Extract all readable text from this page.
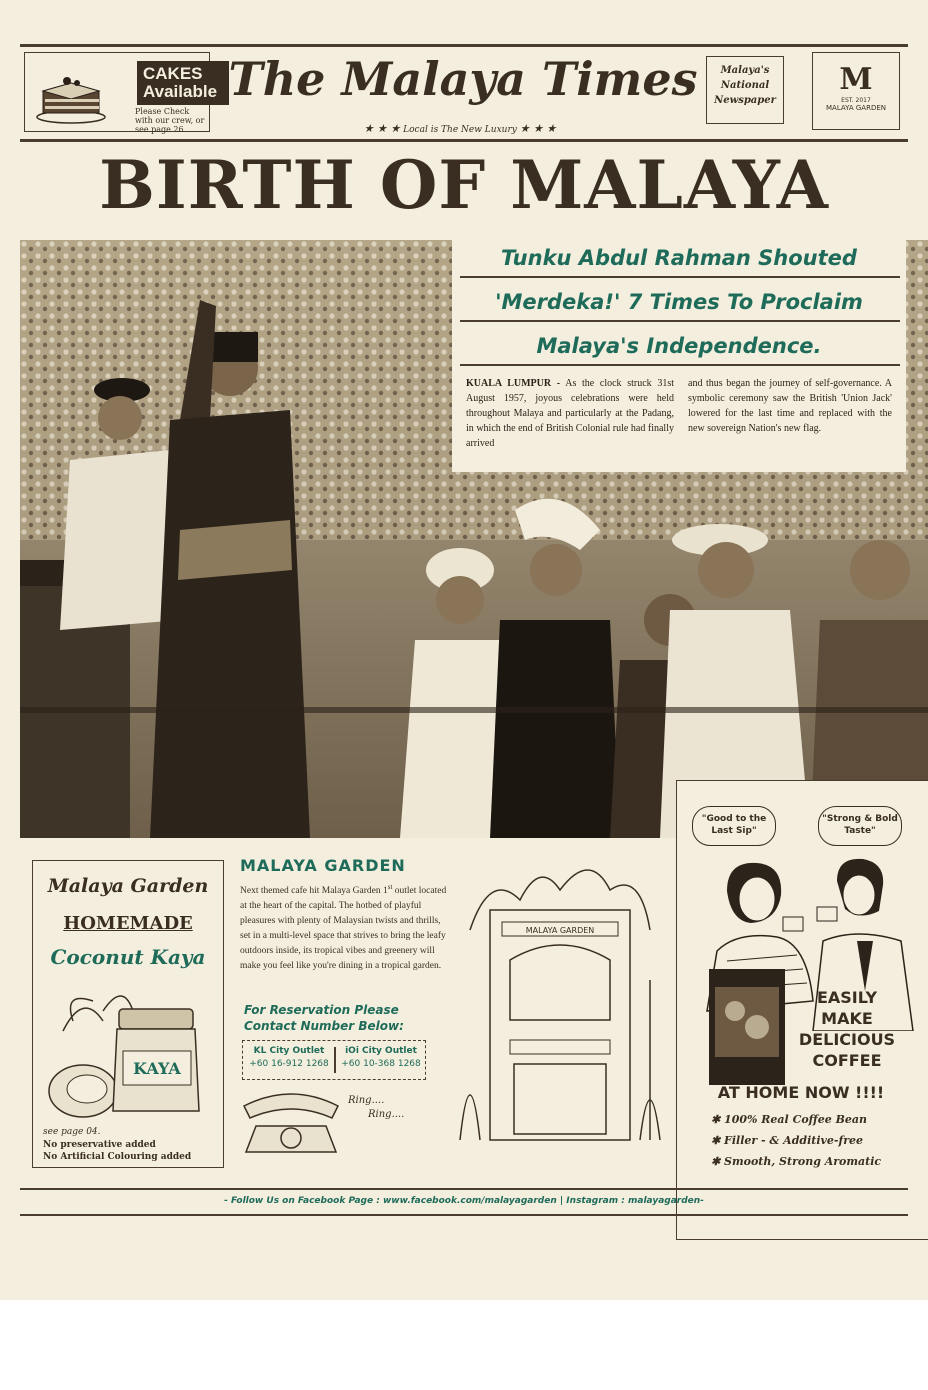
CAKES Available
Please Check with our crew, or see page 26
The Malaya Times
★ ★ ★ Local is The New Luxury ★ ★ ★
Malaya's National Newspaper
M
EST. 2017
MALAYA GARDEN
BIRTH OF MALAYA
Tunku Abdul Rahman Shouted
'Merdeka!' 7 Times To Proclaim
Malaya's Independence.
KUALA LUMPUR - As the clock struck 31st August 1957, joyous celebrations were held throughout Malaya and particularly at the Padang, in which the end of British Colonial rule had finally arrived
and thus began the journey of self-governance. A symbolic ceremony saw the British 'Union Jack' lowered for the last time and replaced with the new sovereign Nation's new flag.
EASILY
MAKE
DELICIOUS
COFFEE
AT HOME NOW !!!!
✱ 100% Real Coffee Bean
✱ Filler - & Additive-free
✱ Smooth, Strong Aromatic
"Good to the Last Sip"
"Strong & Bold Taste"
Malaya Garden
HOMEMADE
Coconut Kaya
KAYA
see page 04.
No preservative added
No Artificial Colouring added
MALAYA GARDEN
Next themed cafe hit Malaya Garden 1st outlet located at the heart of the capital. The hotbed of playful pleasures with plenty of Malaysian twists and thrills, set in a multi-level space that strives to bring the leafy outdoors inside, its tropical vibes and greenery will make you feel like you're dining in a tropical garden.
For Reservation Please
Contact Number Below:
KL City Outlet
+60 16-912 1268
iOi City Outlet
+60 10-368 1268
Ring....
Ring....
MALAYA GARDEN
- Follow Us on Facebook Page : www.facebook.com/malayagarden | Instagram : malayagarden-
